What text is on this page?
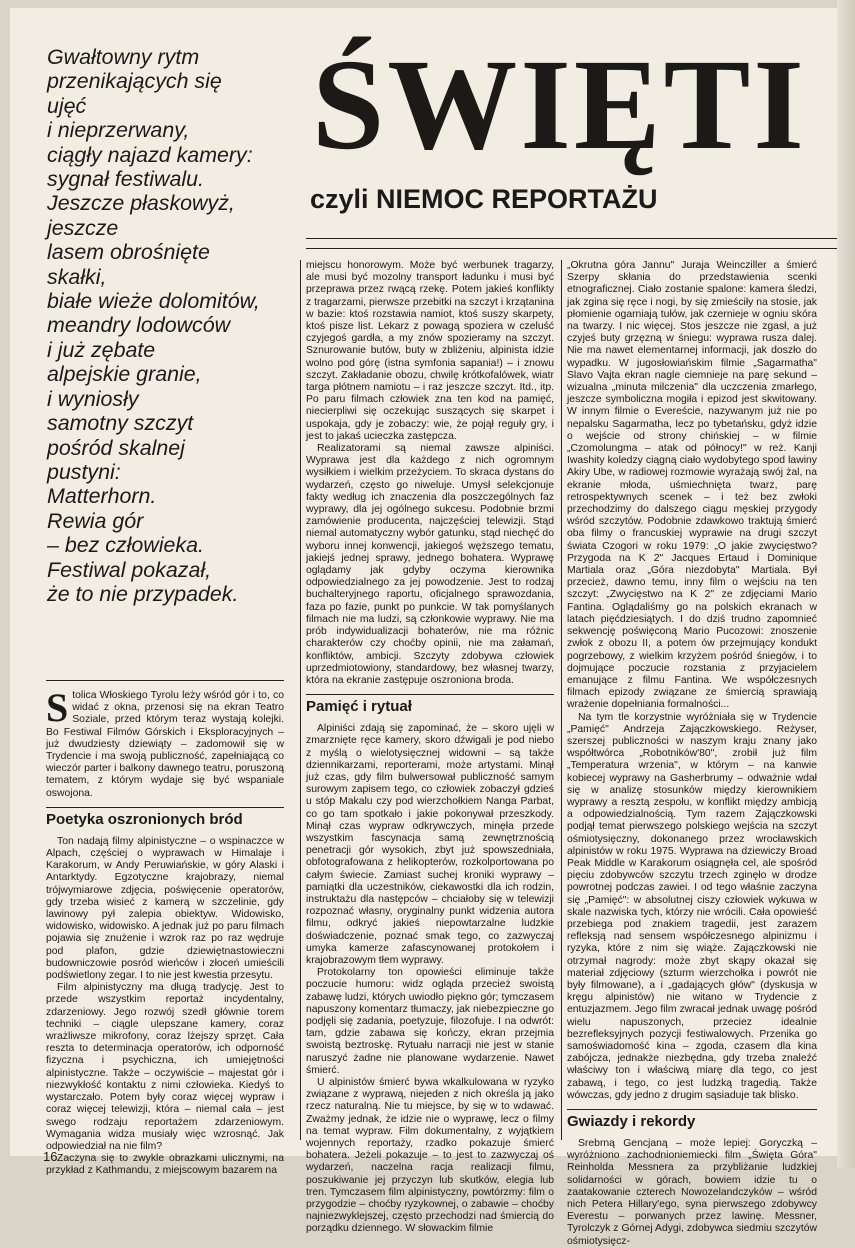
Gwałtowny rytm
przenikających się
ujęć
i nieprzerwany,
ciągły najazd kamery:
sygnał festiwalu.
Jeszcze płaskowyż,
jeszcze
lasem obrośnięte
skałki,
białe wieże dolomitów,
meandry lodowców
i już zębate
alpejskie granie,
i wyniosły
samotny szczyt
pośród skalnej
pustyni:
Matterhorn.
Rewia gór
– bez człowieka.
Festiwal pokazał,
że to nie przypadek.
ŚWIĘTI
czyli NIEMOC REPORTAŻU

Stolica Włoskiego Tyrolu leży wśród gór i to, co widać z okna, przenosi się na ekran Teatro Soziale, przed którym teraz wystają kolejki. Bo Festiwal Filmów Górskich i Eksploracyjnych – już dwudziesty dziewiąty – zadomowił się w Trydencie i ma swoją publiczność, zapełniającą co wieczór parter i balkony dawnego teatru, poruszoną tematem, z którym wydaje się być wspaniale oswojona.

Poetyka oszronionych bród

Ton nadają filmy alpinistyczne – o wspinaczce w Alpach, częściej o wyprawach w Himalaje i Karakorum, w Andy Peruwiańskie, w góry Alaski i Antarktydy. Egzotyczne krajobrazy, niemal trójwymiarowe zdjęcia, poświęcenie operatorów, gdy trzeba wisieć z kamerą w szczelinie, gdy lawinowy pył zalepia obiektyw. Widowisko, widowisko, widowisko. A jednak już po paru filmach pojawia się znużenie i wzrok raz po raz wędruje pod plafon, gdzie dziewiętnastowieczni budowniczowie posród wieńców i złoceń umieścili podświetlony zegar. I to nie jest kwestia przesytu.

Film alpinistyczny ma długą tradycję. Jest to przede wszystkim reportaż incydentalny, zdarzeniowy. Jego rozwój szedł głównie torem techniki – ciągle ulepszane kamery, coraz wrażliwsze mikrofony, coraz lżejszy sprzęt. Cała reszta to determinacja operatorów, ich odporność fizyczna i psychiczna, ich umiejętności alpinistyczne. Także – oczywiście – majestat gór i niezwykłość kontaktu z nimi człowieka. Kiedyś to wystarczało. Potem były coraz więcej wypraw i coraz więcej telewizji, która – niemal cała – jest swego rodzaju reportażem zdarzeniowym. Wymagania widza musiały więc wzrosnąć. Jak odpowiedział na nie film?

Zaczyna się to zwykle obrazkami ulicznymi, na przykład z Kathmandu, z miejscowym bazarem na

miejscu honorowym. Może być werbunek tragarzy, ale musi być mozolny transport ładunku i musi być przeprawa przez rwącą rzekę. Potem jakieś konflikty z tragarzami, pierwsze przebitki na szczyt i krzątanina w bazie: ktoś rozstawia namiot, ktoś suszy skarpety, ktoś pisze list. Lekarz z powagą spoziera w czeluść czyjegoś gardła, a my znów spozieramy na szczyt. Sznurowanie butów, buty w zbliżeniu, alpinista idzie wolno pod górę (istna symfonia sapania!) – i znowu szczyt. Zakładanie obozu, chwilę krótkofalówek, wiatr targa płótnem namiotu – i raz jeszcze szczyt. Itd., itp. Po paru filmach człowiek zna ten kod na pamięć, niecierpliwi się oczekując suszących się skarpet i uspokaja, gdy je zobaczy: wie, że pojął reguły gry, i jest to jakaś ucieczka zastępcza.

Realizatorami są niemal zawsze alpiniści. Wyprawa jest dla każdego z nich ogromnym wysiłkiem i wielkim przeżyciem. To skraca dystans do wydarzeń, często go niweluje. Umysł selekcjonuje fakty według ich znaczenia dla poszczególnych faz wyprawy, dla jej ogólnego sukcesu. Podobnie brzmi zamówienie producenta, najczęściej telewizji. Stąd niemal automatyczny wybór gatunku, stąd niechęć do wyboru innej konwencji, jakiegoś węższego tematu, jakiejś jednej sprawy, jednego bohatera. Wyprawę oglądamy jak gdyby oczyma kierownika odpowiedzialnego za jej powodzenie. Jest to rodzaj buchalteryjnego raportu, oficjalnego sprawozdania, faza po fazie, punkt po punkcie. W tak pomyślanych filmach nie ma ludzi, są członkowie wyprawy. Nie ma prób indywidualizacji bohaterów, nie ma różnic charakterów czy choćby opinii, nie ma załamań, konfliktów, ambicji. Szczyty zdobywa człowiek uprzedmiotowiony, standardowy, bez własnej twarzy, która na ekranie zastępuje oszroniona broda.

Pamięć i rytuał

Alpiniści zdają się zapominać, że – skoro ujęli w zmarznięte ręce kamery, skoro dźwigali je pod niebo z myślą o wielotysięcznej widowni – są także dziennikarzami, reporterami, może artystami. Minął już czas, gdy film bulwersował publiczność samym surowym zapisem tego, co człowiek zobaczył gdzieś u stóp Makalu czy pod wierzchołkiem Nanga Parbat, co go tam spotkało i jakie pokonywał przeszkody. Minął czas wypraw odkrywczych, minęła przede wszystkim fascynacja samą zewnętrznością penetracji gór wysokich, zbyt już spowszedniała, obfotografowana z helikopterów, rozkolportowana po całym świecie. Zamiast suchej kroniki wyprawy – pamiątki dla uczestników, ciekawostki dla ich rodzin, instruktażu dla następców – chciałoby się w telewizji rozpoznać własny, oryginalny punkt widzenia autora filmu, odkryć jakieś niepowtarzalne ludzkie doświadczenie, poznać smak tego, co zazwyczaj umyka kamerze zafascynowanej protokołem i krajobrazowym tłem wyprawy.

Protokolarny ton opowieści eliminuje także poczucie humoru: widz ogląda przecież swoistą zabawę ludzi, których uwiodło piękno gór; tymczasem napuszony komentarz tłumaczy, jak niebezpieczne go podjęli się zadania, poetyzuje, filozofuje. I na odwrót: tam, gdzie zabawa się kończy, ekran przejmia swoistą beztroskę. Rytuału narracji nie jest w stanie naruszyć żadne nie planowane wydarzenie. Nawet śmierć.

U alpinistów śmierć bywa wkalkulowana w ryzyko związane z wyprawą, niejeden z nich określa ją jako rzecz naturalną. Nie tu miejsce, by się w to wdawać. Zważmy jednak, że idzie nie o wyprawę, lecz o filmy na temat wypraw. Film dokumentalny, z wyjątkiem wojennych reportaży, rzadko pokazuje śmierć bohatera. Jeżeli pokazuje – to jest to zazwyczaj oś wydarzeń, naczelna racja realizacji filmu, poszukiwanie jej przyczyn lub skutków, elegia lub tren. Tymczasem film alpinistyczny, powtórzmy: film o przygodzie – choćby ryzykownej, o zabawie – choćby najniezwyklejszej, często przechodzi nad śmiercią do porządku dziennego. W słowackim filmie

„Okrutna góra Jannu" Juraja Weincziller a śmierć Szerpy skłania do przedstawienia scenki etnograficznej. Ciało zostanie spalone: kamera śledzi, jak zgina się ręce i nogi, by się zmieściły na stosie, jak płomienie ogarniają tułów, jak czernieje w ogniu skóra na twarzy. I nic więcej. Stos jeszcze nie zgasł, a już czyjeś buty grzęzną w śniegu: wyprawa rusza dalej. Nie ma nawet elementarnej informacji, jak doszło do wypadku. W jugosłowiańskim filmie „Sagarmatha" Slavo Vajta ekran nagle ciemnieje na parę sekund – wizualna „minuta milczenia" dla uczczenia zmarłego, jeszcze symboliczna mogiła i epizod jest skwitowany. W innym filmie o Evereście, nazywanym już nie po nepalsku Sagarmatha, lecz po tybetańsku, gdyż idzie o wejście od strony chińskiej – w filmie „Czomolungma – atak od północy!" w reż. Kanji Iwashity koledzy ciągną ciało wydobytego spod lawiny Akiry Ube, w radiowej rozmowie wyrażają swój żal, na ekranie młoda, uśmiechnięta twarz, parę retrospektywnych scenek – i też bez zwłoki przechodzimy do dalszego ciągu męskiej przygody wśród szczytów. Podobnie zdawkowo traktują śmierć oba filmy o francuskiej wyprawie na drugi szczyt świata Czogori w roku 1979: „O jakie zwycięstwo? Przygoda na K 2" Jacques Ertaud i Dominique Martiala oraz „Góra niezdobyta" Martiala. Był przecież, dawno temu, inny film o wejściu na ten szczyt: „Zwycięstwo na K 2" ze zdjęciami Mario Fantina. Oglądaliśmy go na polskich ekranach w latach pięćdziesiątych. I do dziś trudno zapomnieć sekwencję poświęconą Mario Pucozowi: znoszenie zwłok z obozu II, a potem ów przejmujący kondukt pogrzebowy, z wielkim krzyżem pośród śniegów, i to dojmujące poczucie rozstania z przyjacielem emanujące z filmu Fantina. We współczesnych filmach epizody związane ze śmiercią sprawiają wrażenie dopełniania formalności...

Na tym tle korzystnie wyróżniała się w Trydencie „Pamięć" Andrzeja Zajączkowskiego. Reżyser, szerszej publiczności w naszym kraju znany jako współtwórca „Robotników'80", zrobił już film „Temperatura wrzenia", w którym – na kanwie kobiecej wyprawy na Gasherbrumy – odważnie wdał się w analizę stosunków między kierownikiem wyprawy a resztą zespołu, w konflikt między ambicją a odpowiedzialnością. Tym razem Zajączkowski podjął temat pierwszego polskiego wejścia na szczyt ośmiotysięczny, dokonanego przez wrocławskich alpinistów w roku 1975. Wyprawa na dziewiczy Broad Peak Middle w Karakorum osiągnęła cel, ale spośród pięciu zdobywców szczytu trzech zginęło w drodze powrotnej podczas zawiei. I od tego właśnie zaczyna się „Pamięć": w absolutnej ciszy człowiek wykuwa w skale nazwiska tych, którzy nie wrócili. Cała opowieść przebiega pod znakiem tragedii, jest zarazem refleksją nad sensem współczesnego alpinizmu i ryzyka, które z nim się wiąże. Zajączkowski nie otrzymał nagrody: może zbyt skąpy okazał się materiał zdjęciowy (szturm wierzchołka i powrót nie były filmowane), a i „gadających głów" (dyskusja w kręgu alpinistów) nie witano w Trydencie z entuzjazmem. Jego film zwracał jednak uwagę pośród wielu napuszonych, przeciez idealnie bezrefleksyjnych pozycji festiwalowych. Przenika go samoświadomość kina – zgoda, czasem dla kina zabójcza, jednakże niezbędna, gdy trzeba znaleźć właściwy ton i właściwą miarę dla tego, co jest zabawą, i tego, co jest ludzką tragedią. Także wówczas, gdy jedno z drugim sąsiaduje tak blisko.

Gwiazdy i rekordy

Srebrną Gencjaną – może lepiej: Goryczką – wyróżniono zachodnioniemiecki film „Święta Góra" Reinholda Messnera za przybliżanie ludzkiej solidarności w górach, bowiem idzie tu o zaatakowanie czterech Nowozelandczyków – wśród nich Petera Hillary'ego, syna pierwszego zdobywcy Everestu – porwanych przez lawinę. Messner, Tyrolczyk z Górnej Adygi, zdobywca siedmiu szczytów ośmiotysięcz-

16
